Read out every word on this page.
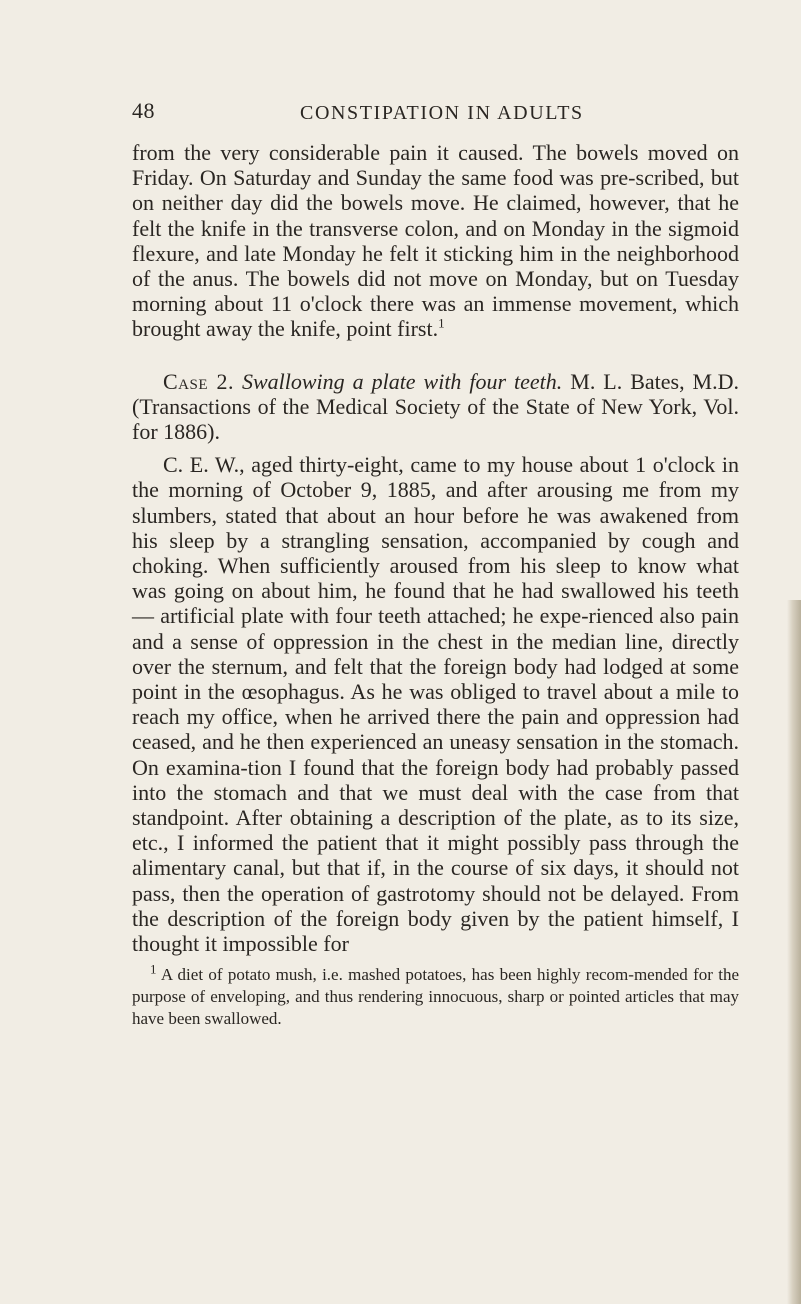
48	CONSTIPATION IN ADULTS

from the very considerable pain it caused. The bowels moved on Friday. On Saturday and Sunday the same food was pre-scribed, but on neither day did the bowels move. He claimed, however, that he felt the knife in the transverse colon, and on Monday in the sigmoid flexure, and late Monday he felt it sticking him in the neighborhood of the anus. The bowels did not move on Monday, but on Tuesday morning about 11 o'clock there was an immense movement, which brought away the knife, point first.$^1$

Case 2. Swallowing a plate with four teeth. M. L. Bates, M.D. (Transactions of the Medical Society of the State of New York, Vol. for 1886).

C. E. W., aged thirty-eight, came to my house about 1 o'clock in the morning of October 9, 1885, and after arousing me from my slumbers, stated that about an hour before he was awakened from his sleep by a strangling sensation, accompanied by cough and choking. When sufficiently aroused from his sleep to know what was going on about him, he found that he had swallowed his teeth — artificial plate with four teeth attached; he expe-rienced also pain and a sense of oppression in the chest in the median line, directly over the sternum, and felt that the foreign body had lodged at some point in the œsophagus. As he was obliged to travel about a mile to reach my office, when he arrived there the pain and oppression had ceased, and he then experienced an uneasy sensation in the stomach. On examina-tion I found that the foreign body had probably passed into the stomach and that we must deal with the case from that standpoint. After obtaining a description of the plate, as to its size, etc., I informed the patient that it might possibly pass through the alimentary canal, but that if, in the course of six days, it should not pass, then the operation of gastrotomy should not be delayed. From the description of the foreign body given by the patient himself, I thought it impossible for

$^1$ A diet of potato mush, i.e. mashed potatoes, has been highly recom-mended for the purpose of enveloping, and thus rendering innocuous, sharp or pointed articles that may have been swallowed.
